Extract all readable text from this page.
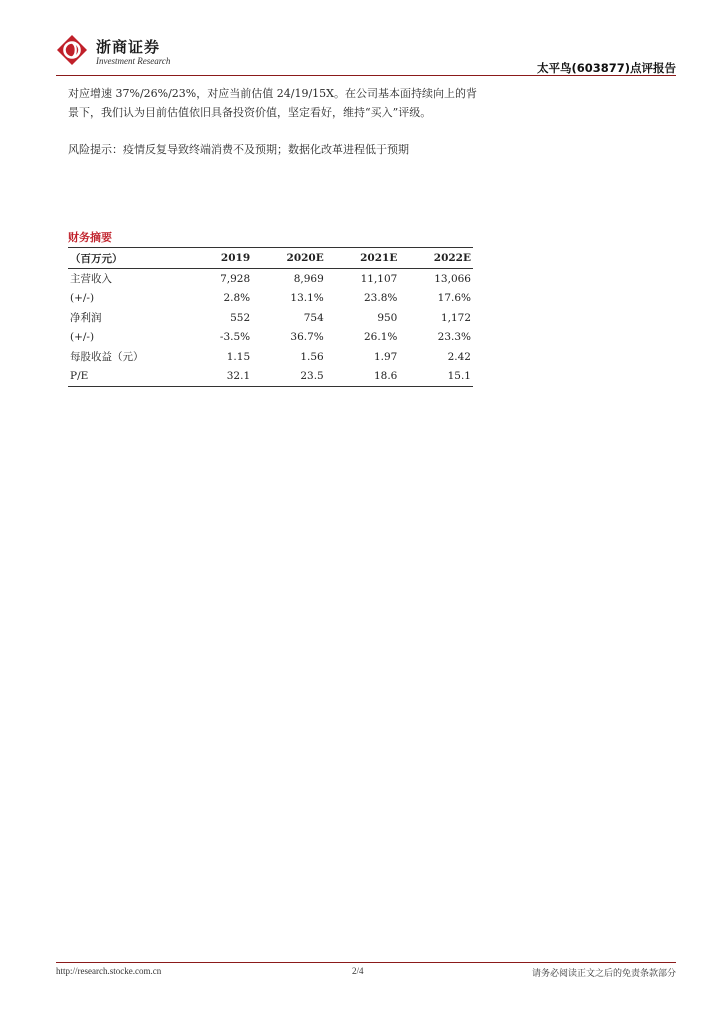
浙商证券
Investment Research	太平鸟(603877)点评报告
对应增速 37%/26%/23%，对应当前估值 24/19/15X。在公司基本面持续向上的背景下，我们认为目前估值依旧具备投资价值，坚定看好，维持“买入”评级。
风险提示：疫情反复导致终端消费不及预期；数据化改革进程低于预期
财务摘要
（百万元）	2019	2020E	2021E	2022E
主营收入	7,928	8,969	11,107	13,066
(+/-)	2.8%	13.1%	23.8%	17.6%
净利润	552	754	950	1,172
(+/-)	-3.5%	36.7%	26.1%	23.3%
每股收益（元）	1.15	1.56	1.97	2.42
P/E	32.1	23.5	18.6	15.1
http://research.stocke.com.cn	2/4	请务必阅读正文之后的免责条款部分
